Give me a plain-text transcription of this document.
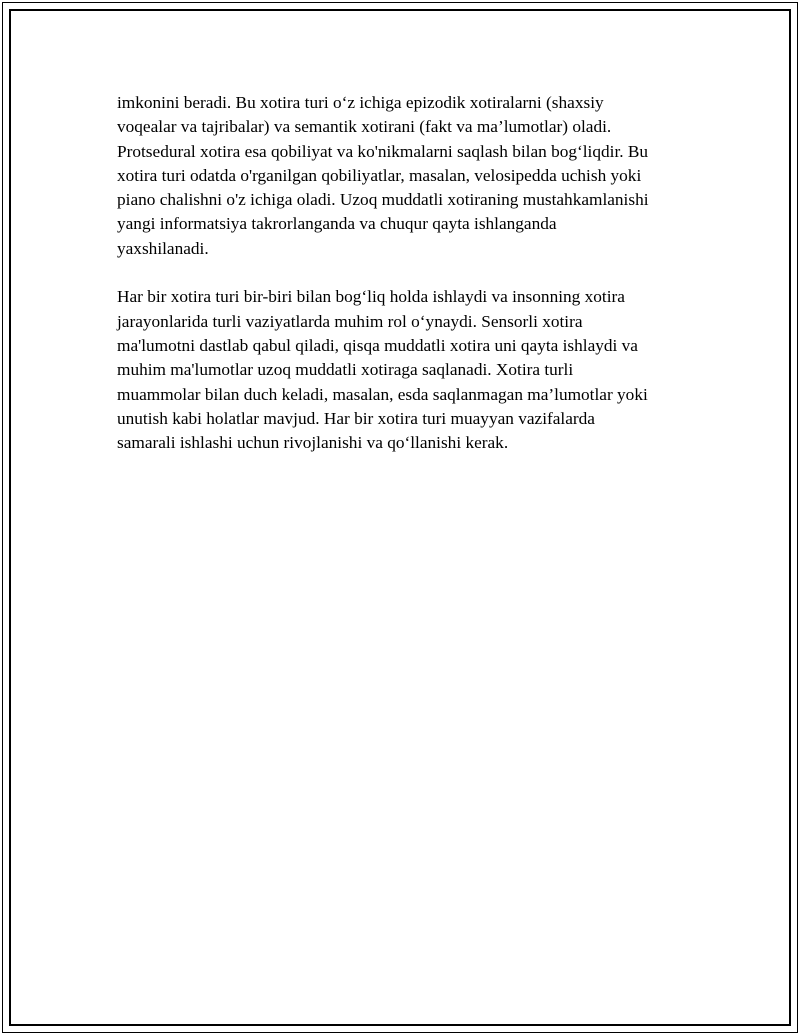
imkonini beradi. Bu xotira turi o‘z ichiga epizodik xotiralarni (shaxsiy
voqealar va tajribalar) va semantik xotirani (fakt va ma’lumotlar) oladi.
Protsedural xotira esa qobiliyat va ko'nikmalarni saqlash bilan bog‘liqdir. Bu
xotira turi odatda o'rganilgan qobiliyatlar, masalan, velosipedda uchish yoki
piano chalishni o'z ichiga oladi. Uzoq muddatli xotiraning mustahkamlanishi
yangi informatsiya takrorlanganda va chuqur qayta ishlanganda
yaxshilanadi.

Har bir xotira turi bir-biri bilan bog‘liq holda ishlaydi va insonning xotira
jarayonlarida turli vaziyatlarda muhim rol o‘ynaydi. Sensorli xotira
ma'lumotni dastlab qabul qiladi, qisqa muddatli xotira uni qayta ishlaydi va
muhim ma'lumotlar uzoq muddatli xotiraga saqlanadi. Xotira turli
muammolar bilan duch keladi, masalan, esda saqlanmagan ma’lumotlar yoki
unutish kabi holatlar mavjud. Har bir xotira turi muayyan vazifalarda
samarali ishlashi uchun rivojlanishi va qo‘llanishi kerak.
